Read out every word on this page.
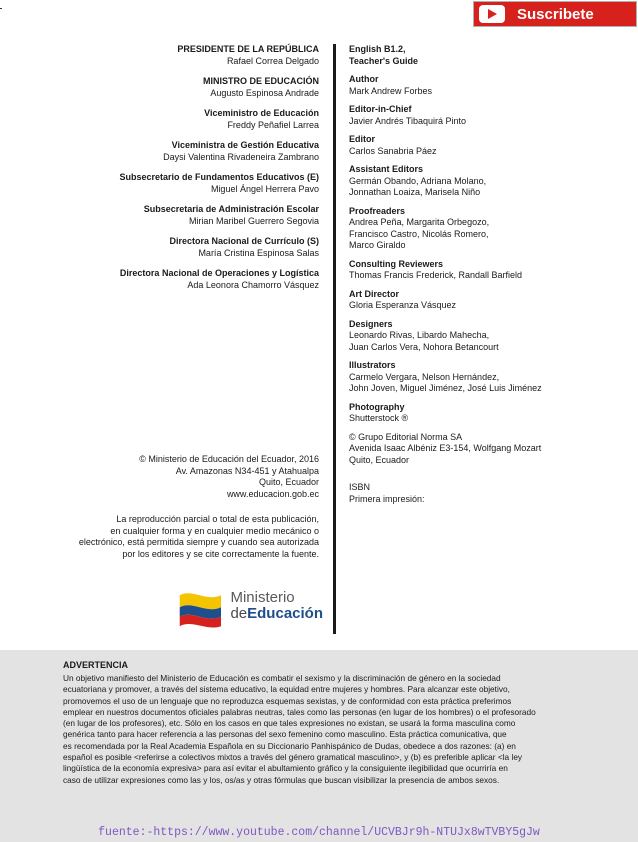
Suscribete
PRESIDENTE DE LA REPÚBLICA
Rafael Correa Delgado
MINISTRO DE EDUCACIÓN
Augusto Espinosa Andrade
Viceministro de Educación
Freddy Peñafiel Larrea
Viceministra de Gestión Educativa
Daysi Valentina Rivadeneira Zambrano
Subsecretario de Fundamentos Educativos (E)
Miguel Ángel Herrera Pavo
Subsecretaria de Administración Escolar
Mirian Maribel Guerrero Segovia
Directora Nacional de Currículo (S)
María Cristina Espinosa Salas
Directora Nacional de Operaciones y Logística
Ada Leonora Chamorro Vásquez
English B1.2,
Teacher's Guide
Author
Mark Andrew Forbes
Editor-in-Chief
Javier Andrés Tibaquirá Pinto
Editor
Carlos Sanabria Páez
Assistant Editors
Germán Obando, Adriana Molano,
Jonnathan Loaiza, Marisela Niño
Proofreaders
Andrea Peña, Margarita Orbegozo,
Francisco Castro, Nicolás Romero,
Marco Giraldo
Consulting Reviewers
Thomas Francis Frederick, Randall Barfield
Art Director
Gloria Esperanza Vásquez
Designers
Leonardo Rivas, Libardo Mahecha,
Juan Carlos Vera, Nohora Betancourt
Illustrators
Carmelo Vergara, Nelson Hernández,
John Joven, Miguel Jiménez, José Luis Jiménez
Photography
Shutterstock ®
© Grupo Editorial Norma SA
Avenida Isaac Albéniz E3-154, Wolfgang Mozart
Quito, Ecuador
ISBN
Primera impresión:
© Ministerio de Educación del Ecuador, 2016
Av. Amazonas N34-451 y Atahualpa
Quito, Ecuador
www.educacion.gob.ec
La reproducción parcial o total de esta publicación,
en cualquier forma y en cualquier medio mecánico o
electrónico, está permitida siempre y cuando sea autorizada
por los editores y se cite correctamente la fuente.
Ministerio
deEducación
ADVERTENCIA
Un objetivo manifiesto del Ministerio de Educación es combatir el sexismo y la discriminación de género en la sociedad
ecuatoriana y promover, a través del sistema educativo, la equidad entre mujeres y hombres. Para alcanzar este objetivo,
promovemos el uso de un lenguaje que no reproduzca esquemas sexistas, y de conformidad con esta práctica preferimos
emplear en nuestros documentos oficiales palabras neutras, tales como las personas (en lugar de los hombres) o el profesorado
(en lugar de los profesores), etc. Sólo en los casos en que tales expresiones no existan, se usará la forma masculina como
genérica tanto para hacer referencia a las personas del sexo femenino como masculino. Esta práctica comunicativa, que
es recomendada por la Real Academia Española en su Diccionario Panhispánico de Dudas, obedece a dos razones: (a) en
español es posible <referirse a colectivos mixtos a través del género gramatical masculino>, y (b) es preferible aplicar <la ley
lingüística de la economía expresiva> para así evitar el abultamiento gráfico y la consiguiente ilegibilidad que ocurriría en
caso de utilizar expresiones como las y los, os/as y otras fórmulas que buscan visibilizar la presencia de ambos sexos.
fuente:-https://www.youtube.com/channel/UCVBJr9h-NTUJx8wTVBY5gJw
